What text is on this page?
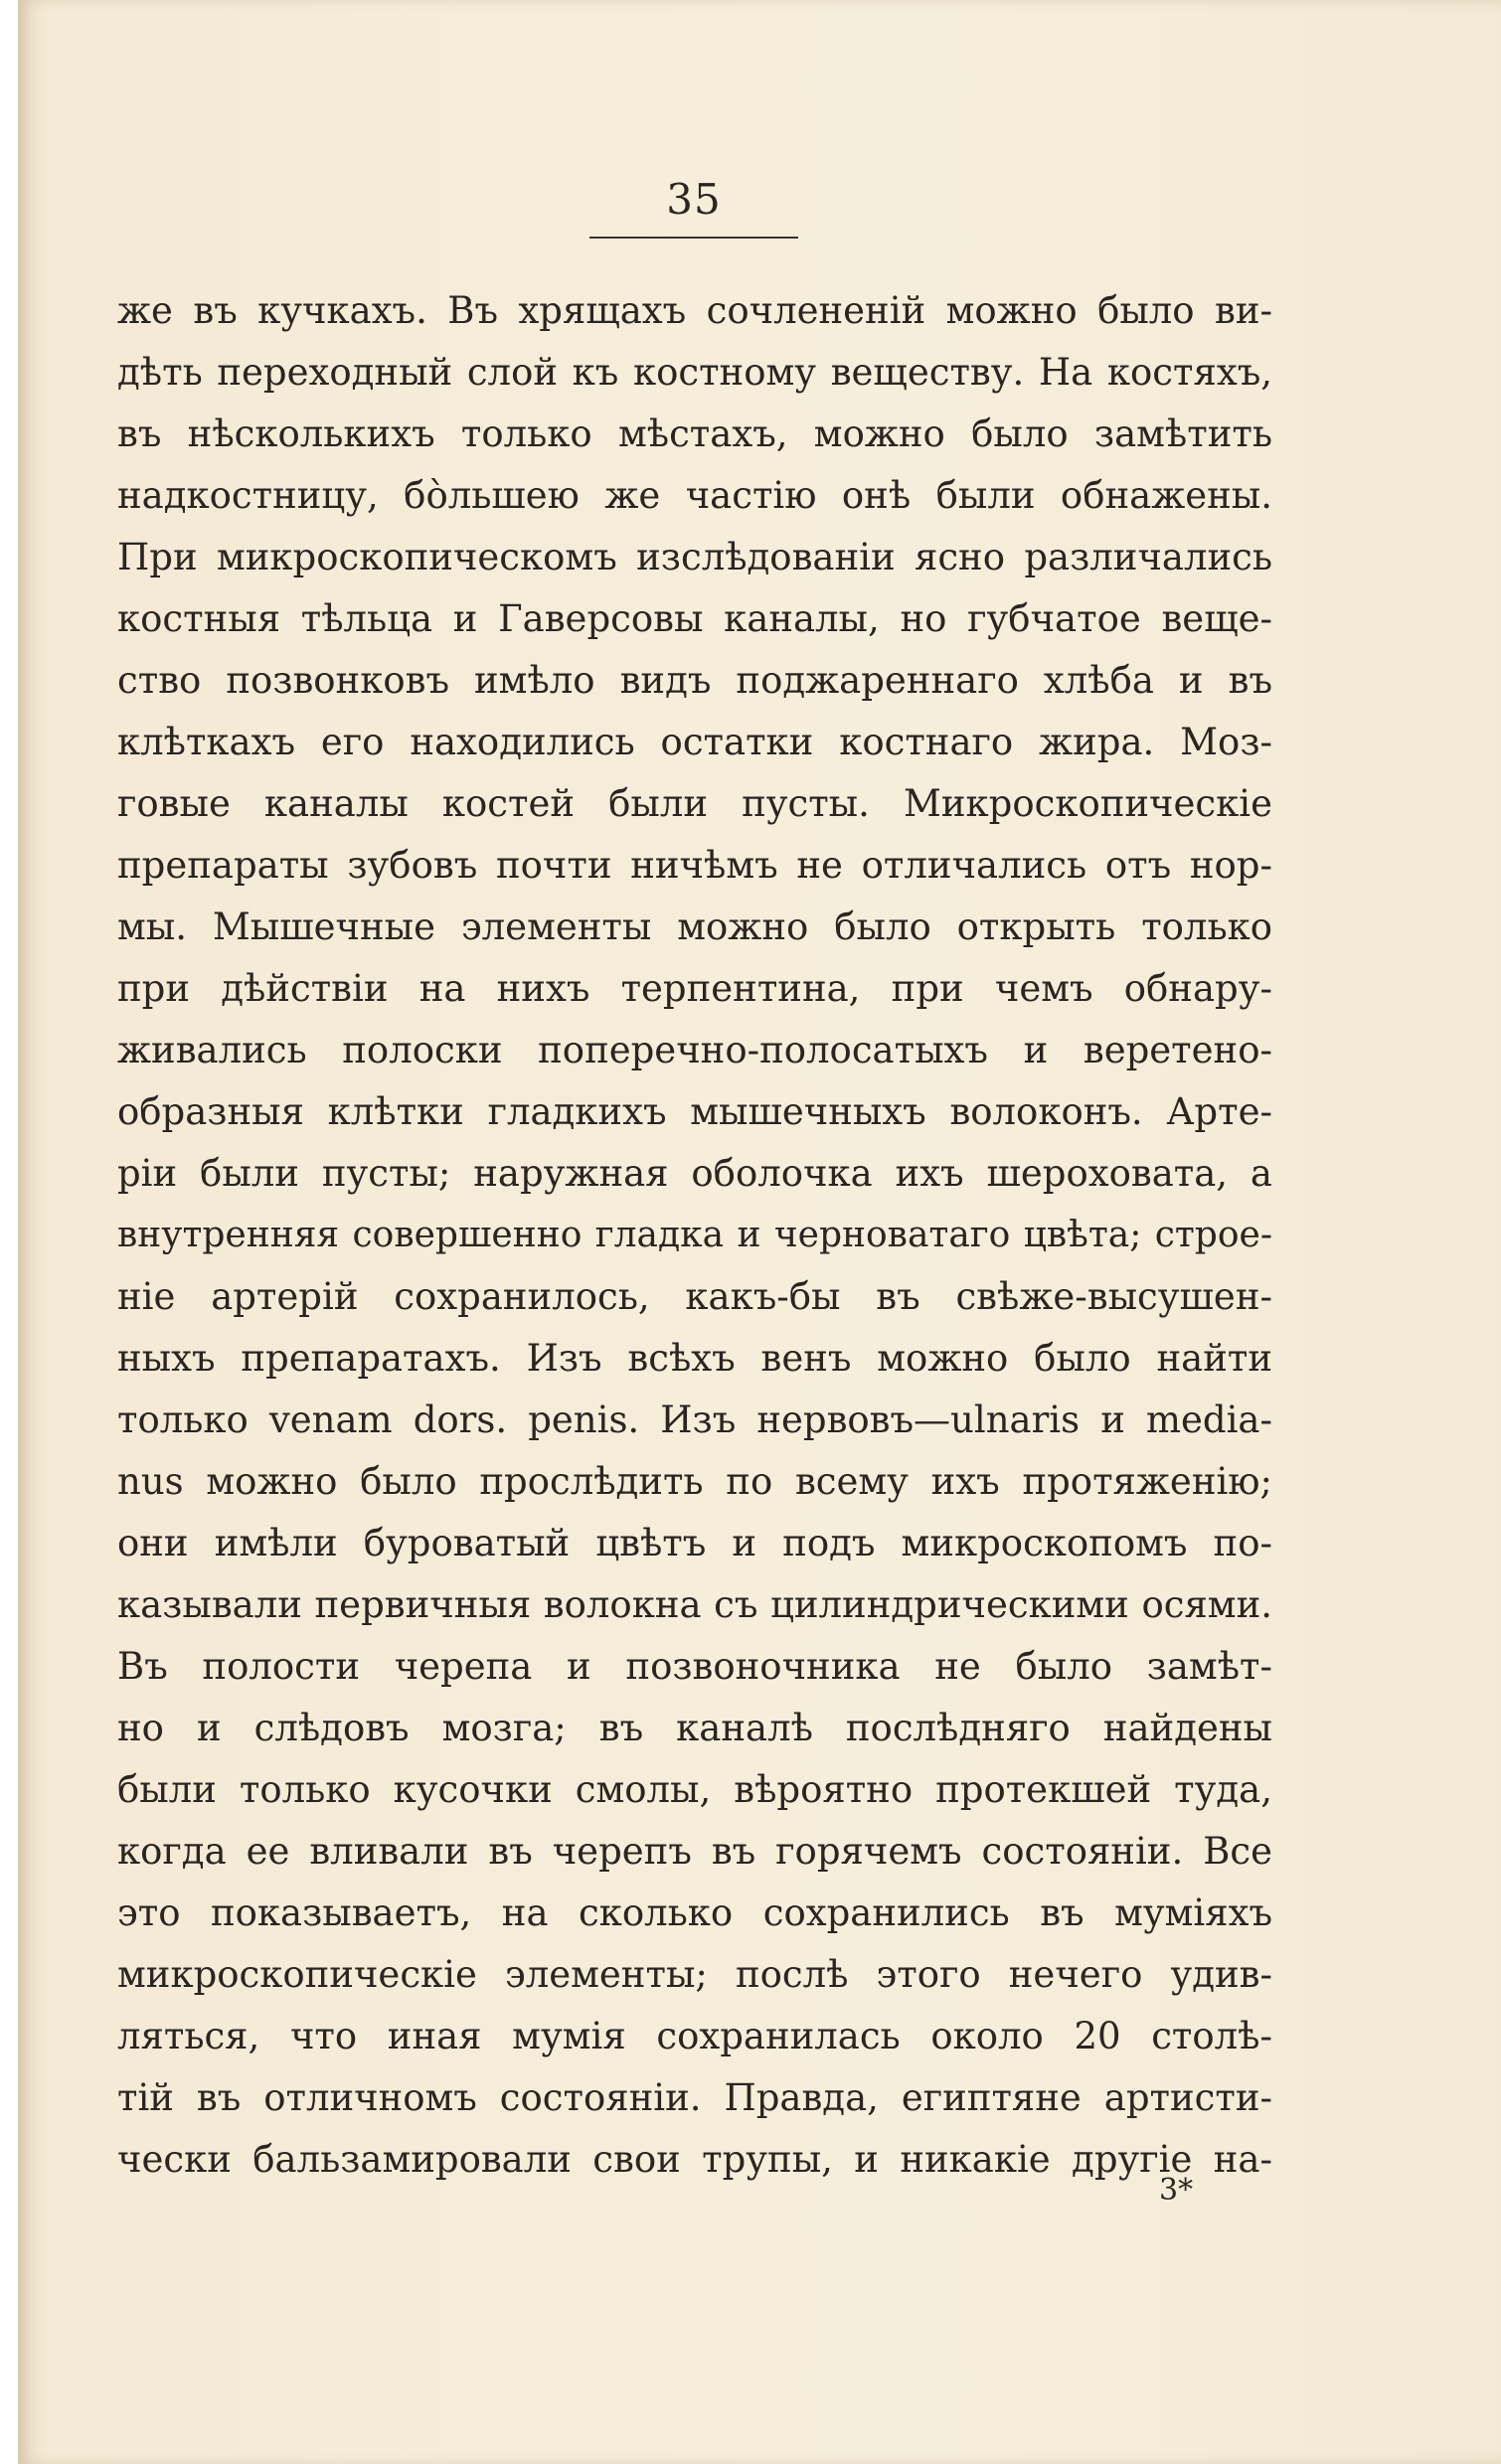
35
же въ кучкахъ. Въ хрящахъ сочлененій можно было ви-
дѣть переходный слой къ костному веществу. На костяхъ,
въ нѣсколькихъ только мѣстахъ, можно было замѣтить
надкостницу, бо̀льшею же частію онѣ были обнажены.
При микроскопическомъ изслѣдованіи ясно различались
костныя тѣльца и Гаверсовы каналы, но губчатое веще-
ство позвонковъ имѣло видъ поджареннаго хлѣба и въ
клѣткахъ его находились остатки костнаго жира. Моз-
говые каналы костей были пусты. Микроскопическіе
препараты зубовъ почти ничѣмъ не отличались отъ нор-
мы. Мышечные элементы можно было открыть только
при дѣйствіи на нихъ терпентина, при чемъ обнару-
живались полоски поперечно-полосатыхъ и веретено-
образныя клѣтки гладкихъ мышечныхъ волоконъ. Арте-
ріи были пусты; наружная оболочка ихъ шероховата, а
внутренняя совершенно гладка и черноватаго цвѣта; строе-
ніе артерій сохранилось, какъ-бы въ свѣже-высушен-
ныхъ препаратахъ. Изъ всѣхъ венъ можно было найти
только venam dors. penis. Изъ нервовъ—ulnaris и media-
nus можно было прослѣдить по всему ихъ протяженію;
они имѣли буроватый цвѣтъ и подъ микроскопомъ по-
казывали первичныя волокна съ цилиндрическими осями.
Въ полости черепа и позвоночника не было замѣт-
но и слѣдовъ мозга; въ каналѣ послѣдняго найдены
были только кусочки смолы, вѣроятно протекшей туда,
когда ее вливали въ черепъ въ горячемъ состояніи. Все
это показываетъ, на сколько сохранились въ муміяхъ
микроскопическіе элементы; послѣ этого нечего удив-
ляться, что иная мумія сохранилась около 20 столѣ-
тій въ отличномъ состояніи. Правда, египтяне артисти-
чески бальзамировали свои трупы, и никакіе другіе на-
3*
